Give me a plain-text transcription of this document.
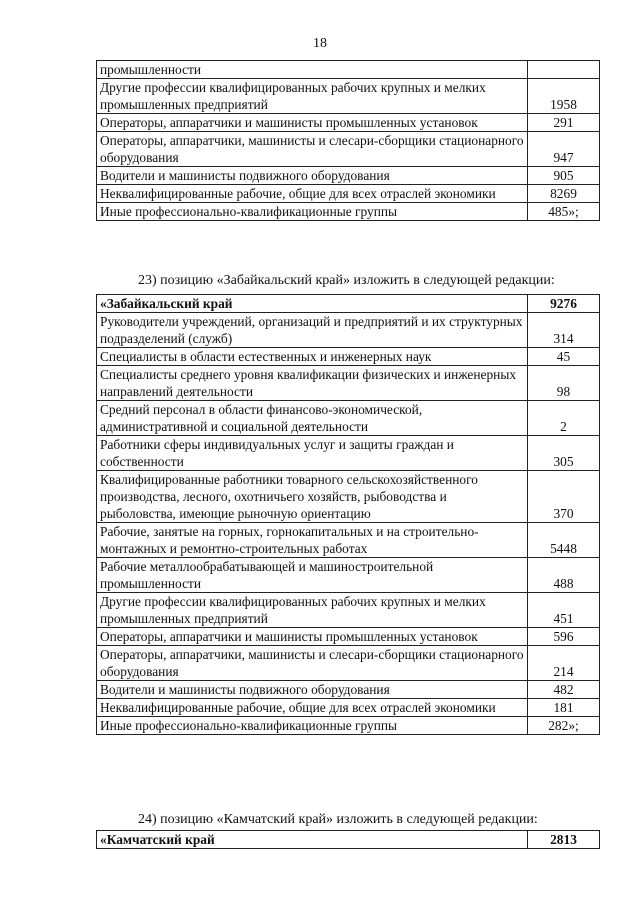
18
промышленности	
Другие профессии квалифицированных рабочих крупных и мелких промышленных предприятий	1958
Операторы, аппаратчики и машинисты промышленных установок	291
Операторы, аппаратчики, машинисты и слесари-сборщики стационарного оборудования	947
Водители и машинисты подвижного оборудования	905
Неквалифицированные рабочие, общие для всех отраслей экономики	8269
Иные профессионально-квалификационные группы	485»;
23) позицию «Забайкальский край» изложить в следующей редакции:
«Забайкальский край	9276
Руководители учреждений, организаций и предприятий и их структурных подразделений (служб)	314
Специалисты в области естественных и инженерных наук	45
Специалисты среднего уровня квалификации физических и инженерных направлений деятельности	98
Средний персонал в области финансово-экономической, административной и социальной деятельности	2
Работники сферы индивидуальных услуг и защиты граждан и собственности	305
Квалифицированные работники товарного сельскохозяйственного производства, лесного, охотничьего хозяйств, рыбоводства и рыболовства, имеющие рыночную ориентацию	370
Рабочие, занятые на горных, горнокапитальных и на строительно-монтажных и ремонтно-строительных работах	5448
Рабочие металлообрабатывающей и машиностроительной промышленности	488
Другие профессии квалифицированных рабочих крупных и мелких промышленных предприятий	451
Операторы, аппаратчики и машинисты промышленных установок	596
Операторы, аппаратчики, машинисты и слесари-сборщики стационарного оборудования	214
Водители и машинисты подвижного оборудования	482
Неквалифицированные рабочие, общие для всех отраслей экономики	181
Иные профессионально-квалификационные группы	282»;
24) позицию «Камчатский край» изложить в следующей редакции:
«Камчатский край	2813
